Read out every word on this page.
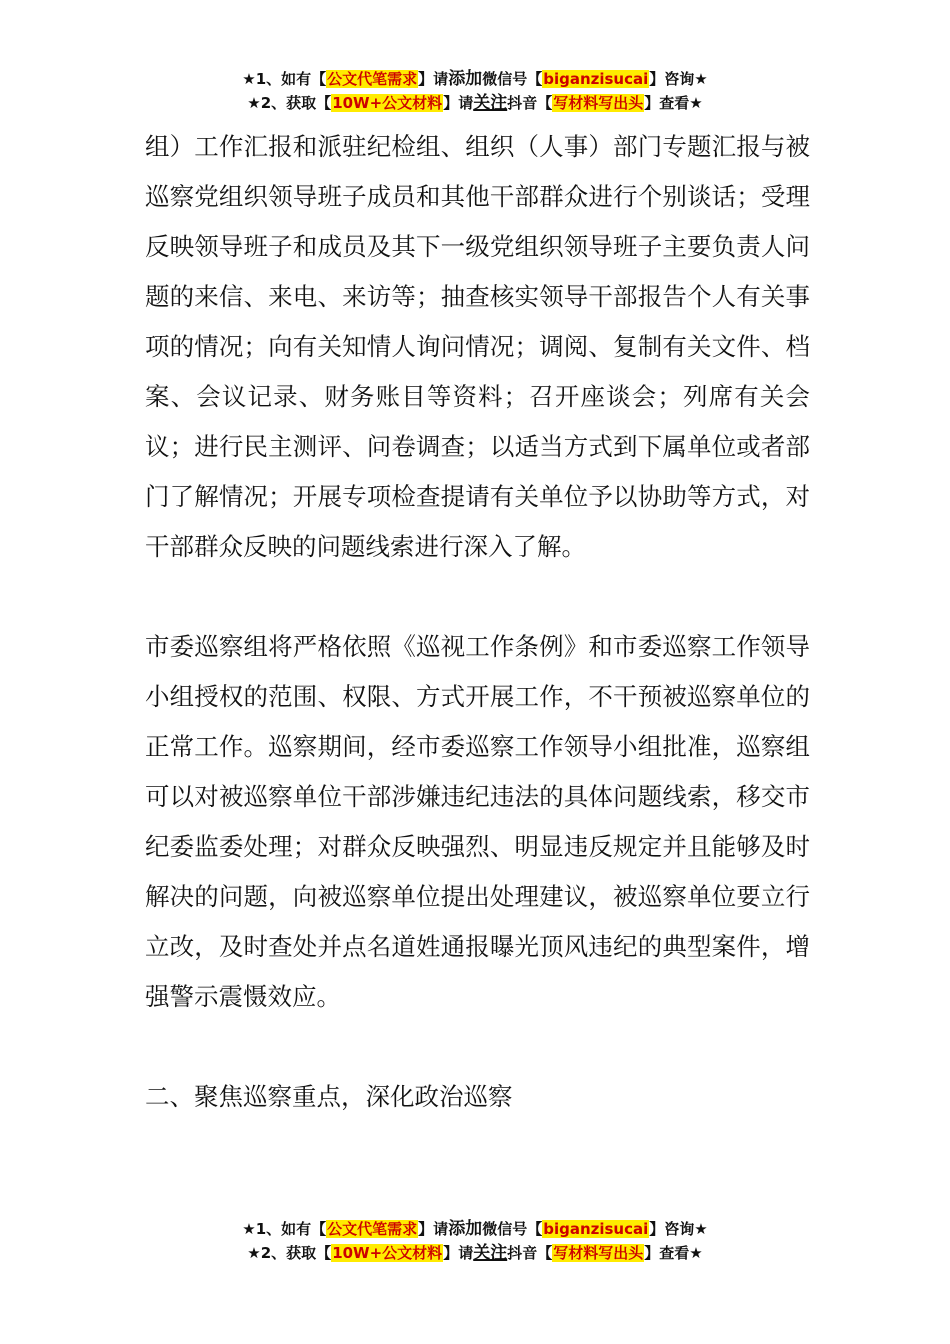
★1、如有【公文代笔需求】请添加微信号【biganzisucai】咨询★
★2、获取【10W+公文材料】请关注抖音【写材料写出头】查看★

组）工作汇报和派驻纪检组、组织（人事）部门专题汇报与被巡察党组织领导班子成员和其他干部群众进行个别谈话；受理反映领导班子和成员及其下一级党组织领导班子主要负责人问题的来信、来电、来访等；抽查核实领导干部报告个人有关事项的情况；向有关知情人询问情况；调阅、复制有关文件、档案、会议记录、财务账目等资料；召开座谈会；列席有关会议；进行民主测评、问卷调查；以适当方式到下属单位或者部门了解情况；开展专项检查提请有关单位予以协助等方式，对干部群众反映的问题线索进行深入了解。

市委巡察组将严格依照《巡视工作条例》和市委巡察工作领导小组授权的范围、权限、方式开展工作，不干预被巡察单位的正常工作。巡察期间，经市委巡察工作领导小组批准，巡察组可以对被巡察单位干部涉嫌违纪违法的具体问题线索，移交市纪委监委处理；对群众反映强烈、明显违反规定并且能够及时解决的问题，向被巡察单位提出处理建议，被巡察单位要立行立改，及时查处并点名道姓通报曝光顶风违纪的典型案件，增强警示震慑效应。

二、聚焦巡察重点，深化政治巡察

★1、如有【公文代笔需求】请添加微信号【biganzisucai】咨询★
★2、获取【10W+公文材料】请关注抖音【写材料写出头】查看★
